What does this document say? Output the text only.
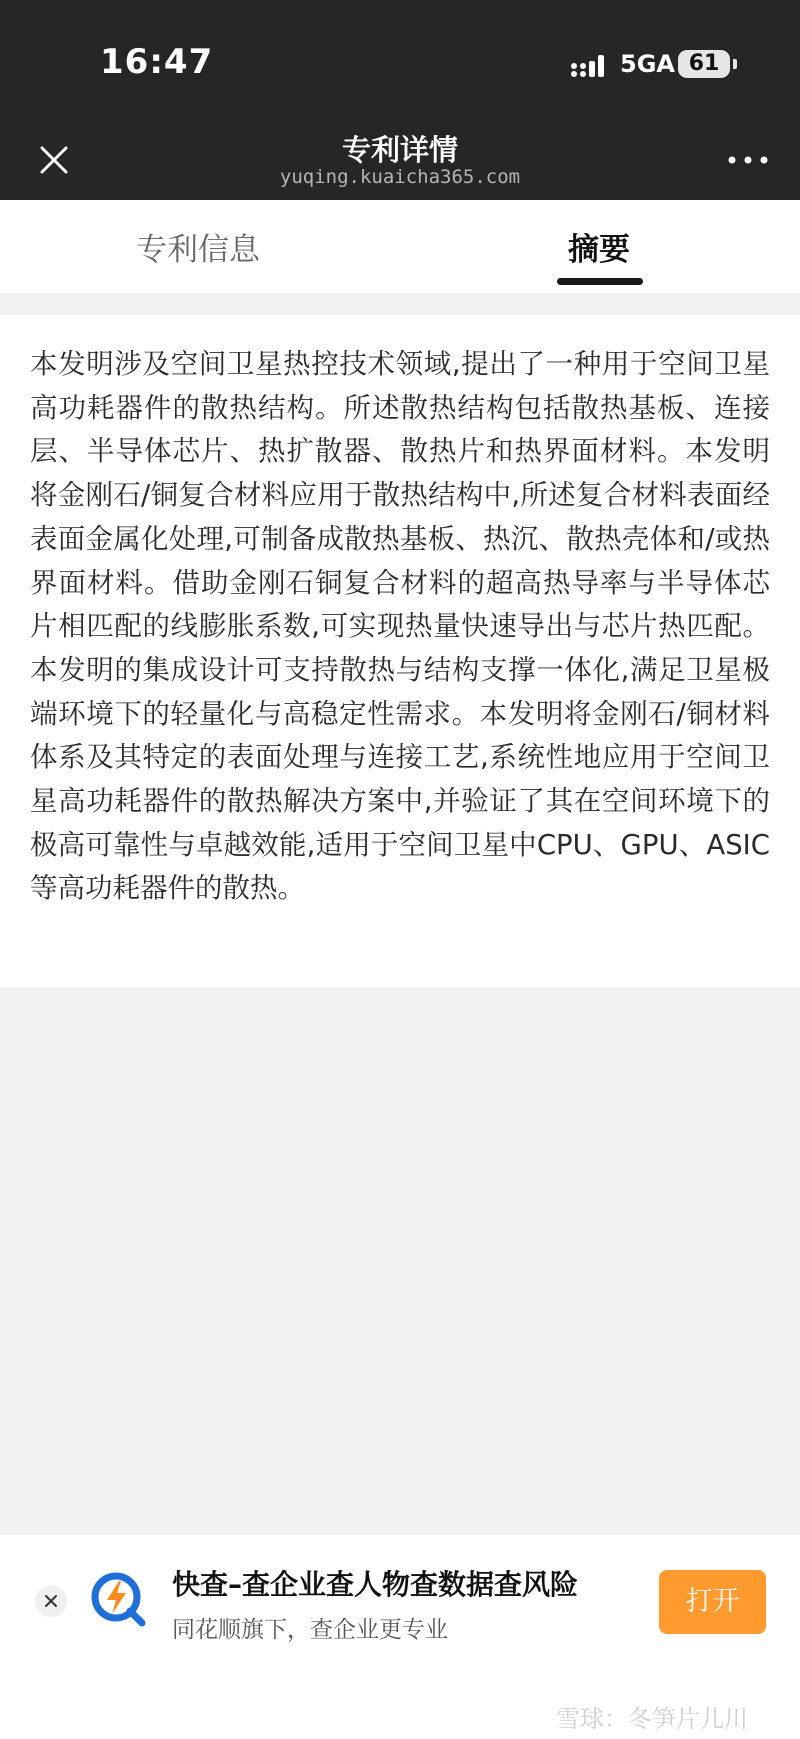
16:47	5GA 61
专利详情
yuqing.kuaicha365.com
专利信息	摘要

本发明涉及空间卫星热控技术领域,提出了一种用于空间卫星高功耗器件的散热结构。所述散热结构包括散热基板、连接层、半导体芯片、热扩散器、散热片和热界面材料。本发明将金刚石/铜复合材料应用于散热结构中,所述复合材料表面经表面金属化处理,可制备成散热基板、热沉、散热壳体和/或热界面材料。借助金刚石铜复合材料的超高热导率与半导体芯片相匹配的线膨胀系数,可实现热量快速导出与芯片热匹配。本发明的集成设计可支持散热与结构支撑一体化,满足卫星极端环境下的轻量化与高稳定性需求。本发明将金刚石/铜材料体系及其特定的表面处理与连接工艺,系统性地应用于空间卫星高功耗器件的散热解决方案中,并验证了其在空间环境下的极高可靠性与卓越效能,适用于空间卫星中CPU、GPU、ASIC等高功耗器件的散热。

快查–查企业查人物查数据查风险
同花顺旗下，查企业更专业
打开
雪球：冬笋片儿川
